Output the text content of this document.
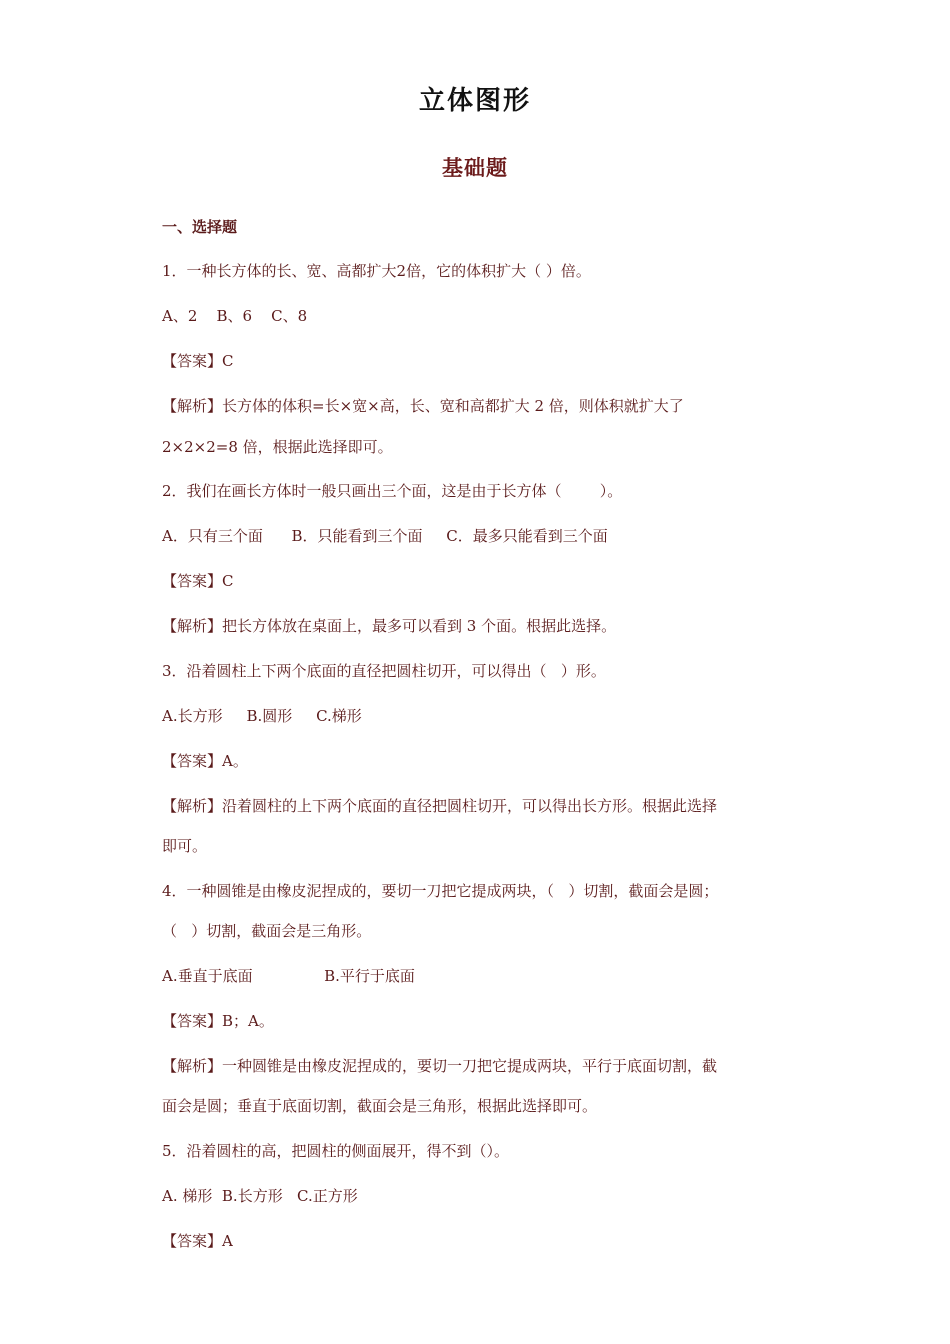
立体图形
基础题
一、选择题
1．一种长方体的长、宽、高都扩大2倍，它的体积扩大（ ）倍。
A、2    B、6    C、8
【答案】C
【解析】长方体的体积=长×宽×高，长、宽和高都扩大 2 倍，则体积就扩大了
2×2×2=8 倍，根据此选择即可。
2．我们在画长方体时一般只画出三个面，这是由于长方体（        ）。
A．只有三个面      B．只能看到三个面     C．最多只能看到三个面
【答案】C
【解析】把长方体放在桌面上，最多可以看到 3 个面。根据此选择。
3．沿着圆柱上下两个底面的直径把圆柱切开，可以得出（   ）形。
A.长方形     B.圆形     C.梯形
【答案】A。
【解析】沿着圆柱的上下两个底面的直径把圆柱切开，可以得出长方形。根据此选择
即可。
4．一种圆锥是由橡皮泥捏成的，要切一刀把它提成两块，（   ）切割，截面会是圆；
（   ）切割，截面会是三角形。
A.垂直于底面               B.平行于底面
【答案】B；A。
【解析】一种圆锥是由橡皮泥捏成的，要切一刀把它提成两块，平行于底面切割，截
面会是圆；垂直于底面切割，截面会是三角形，根据此选择即可。
5．沿着圆柱的高，把圆柱的侧面展开，得不到（）。
A. 梯形  B.长方形   C.正方形
【答案】A
